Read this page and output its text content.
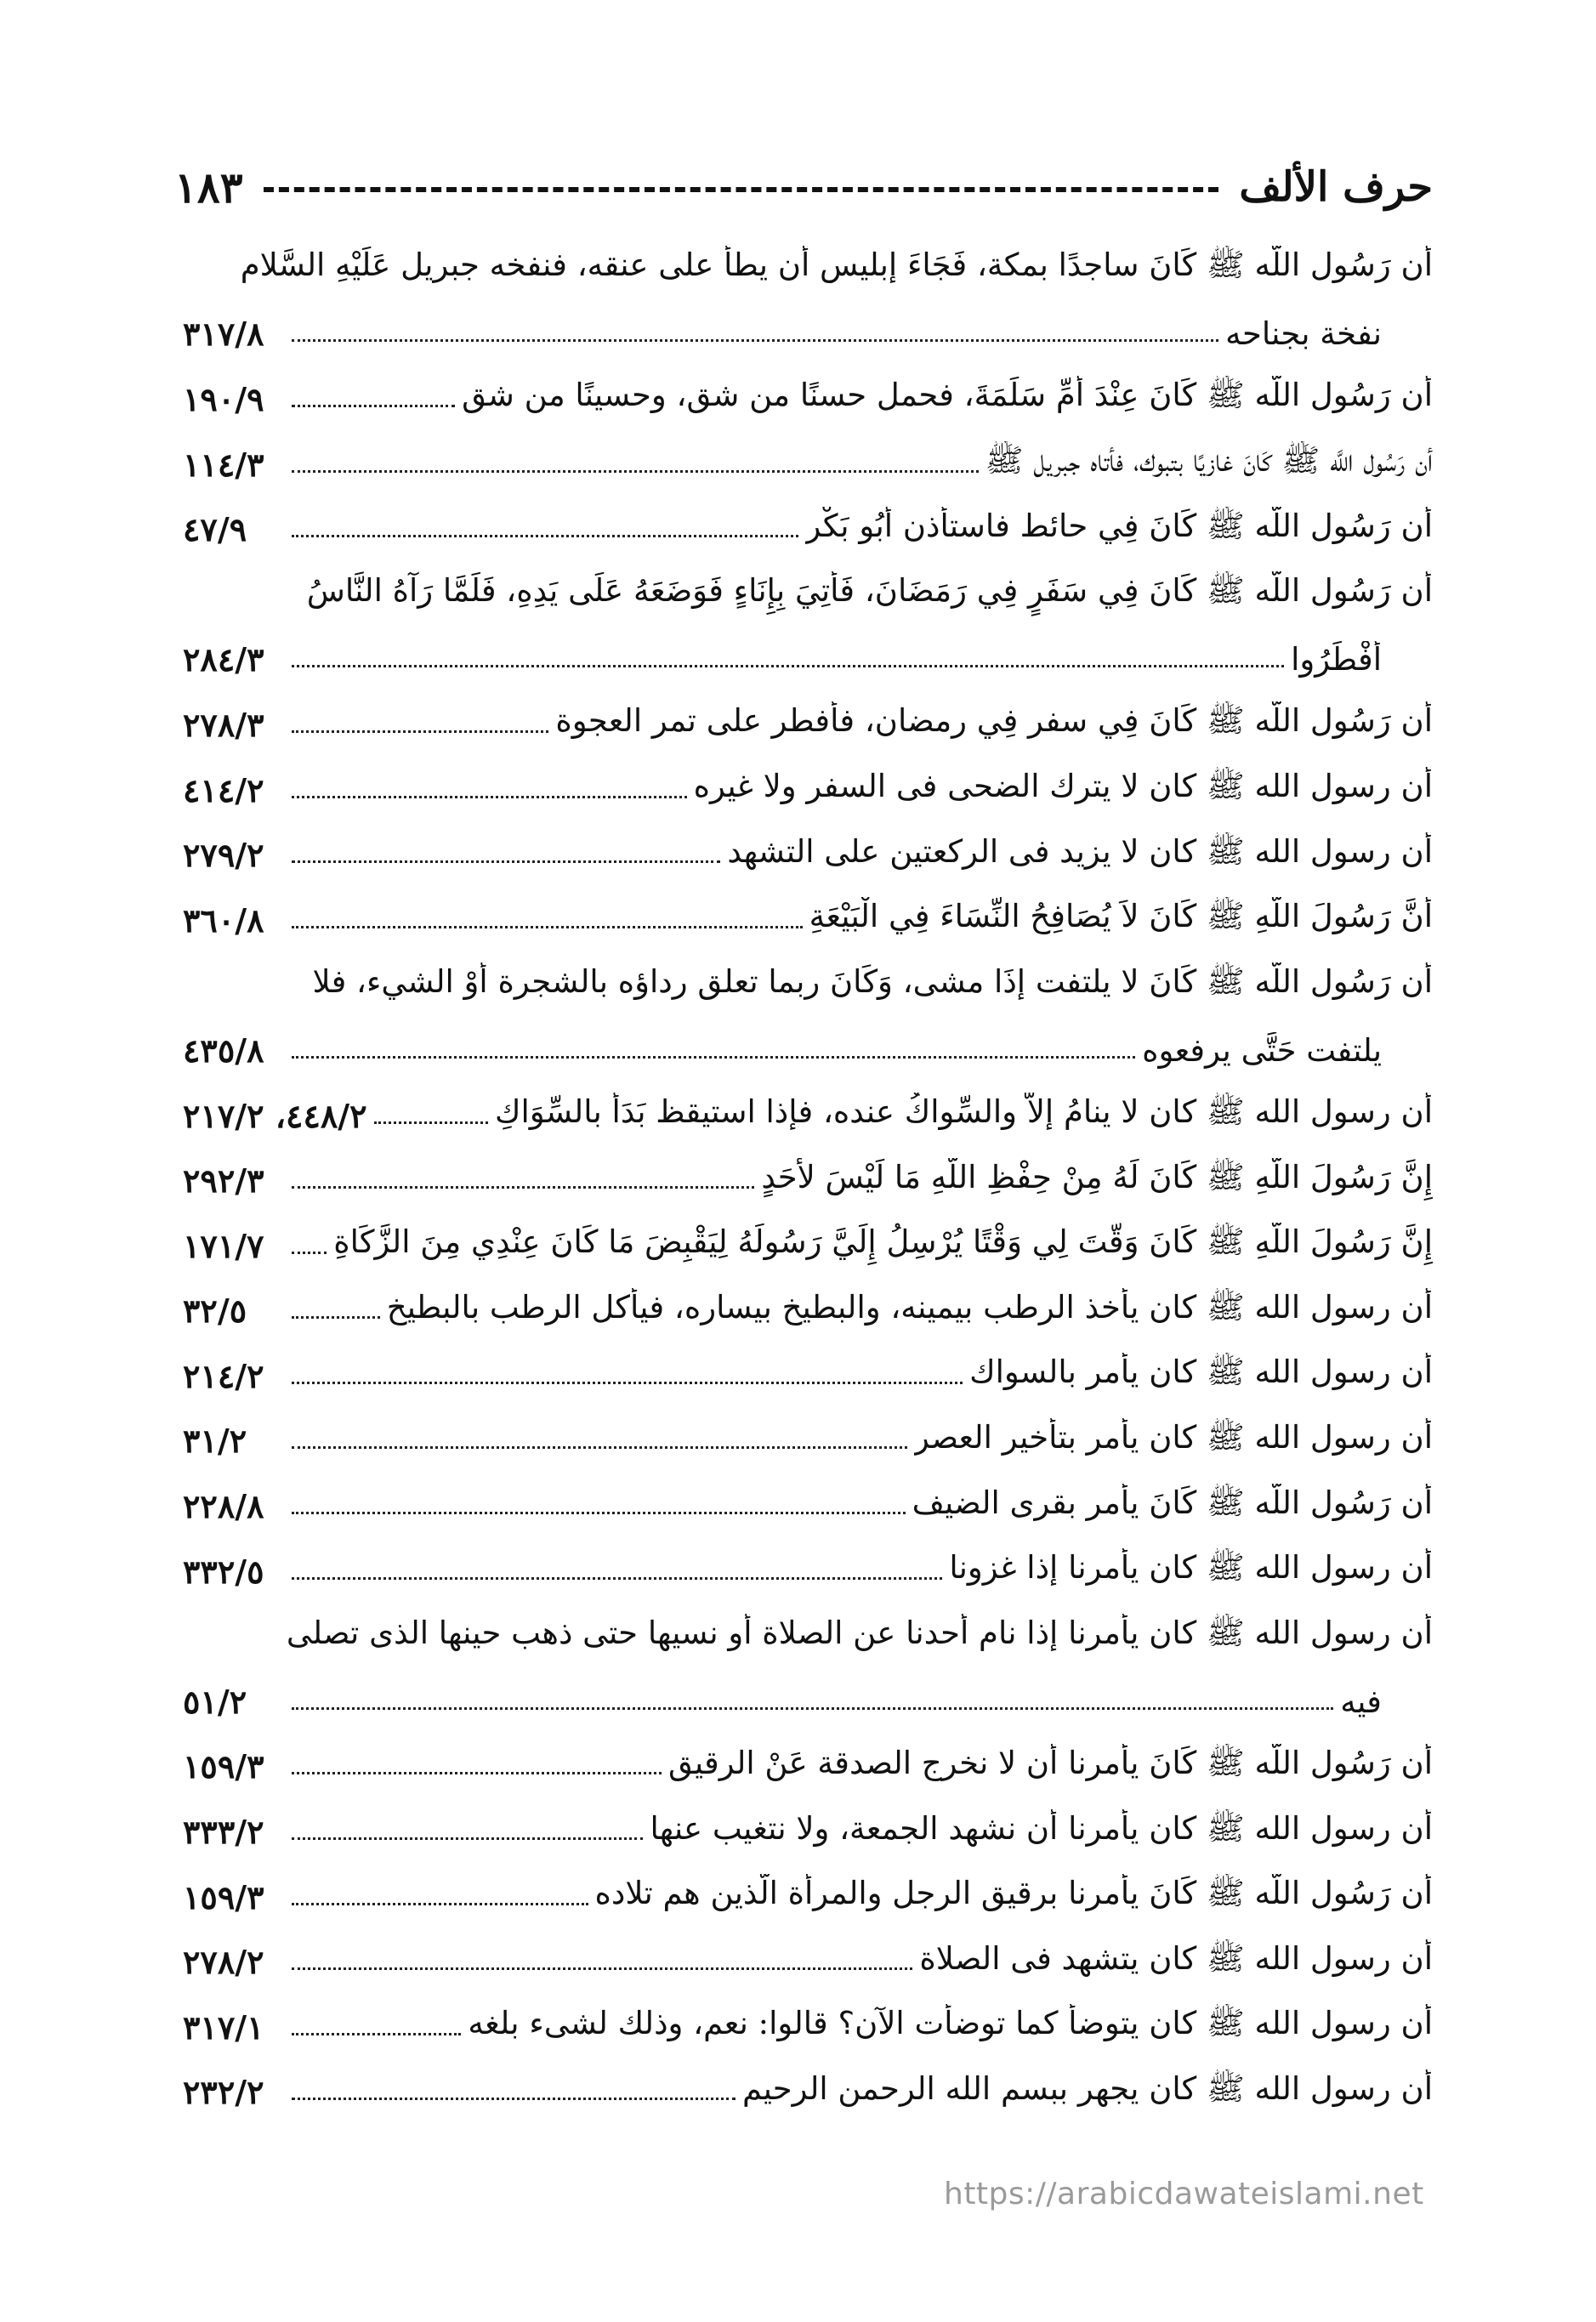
حرف الألف
١٨٣
أن رَسُول اللَّه ﷺ كَانَ ساجدًا بمكة، فَجَاءَ إبليس أن يطأ على عنقه، فنفخه جبريل عَلَيْهِ السَّلام
نفخة بجناحه
٣١٧/٨
أن رَسُول اللَّه ﷺ كَانَ عِنْدَ أُمِّ سَلَمَةَ، فحمل حسنًا من شق، وحسينًا من شق
١٩٠/٩
أن رَسُول اللَّه ﷺ كَانَ غازيًا بتبوك، فأتاه جبريل ﷺ
١١٤/٣
أن رَسُول اللَّه ﷺ كَانَ فِي حائط فاستأذن أَبُو بَكْر
٤٧/٩
أن رَسُول اللَّه ﷺ كَانَ فِي سَفَرٍ فِي رَمَضَانَ، فَأُتِيَ بِإِنَاءٍ فَوَضَعَهُ عَلَى يَدِهِ، فَلَمَّا رَآهُ النَّاسُ
أفْطَرُوا
٢٨٤/٣
أن رَسُول اللَّه ﷺ كَانَ فِي سفر فِي رمضان، فأفطر على تمر العجوة
٢٧٨/٣
أن رسول الله ﷺ كان لا يترك الضحى فى السفر ولا غيره
٤١٤/٢
أن رسول الله ﷺ كان لا يزيد فى الركعتين على التشهد
٢٧٩/٢
أَنَّ رَسُولَ اللَّهِ ﷺ كَانَ لاَ يُصَافِحُ النِّسَاءَ فِي الْبَيْعَةِ
٣٦٠/٨
أن رَسُول اللَّه ﷺ كَانَ لا يلتفت إذَا مشى، وَكَانَ ربما تعلق رداؤه بالشجرة أَوْ الشيء، فلا
يلتفت حَتَّى يرفعوه
٤٣٥/٨
أن رسول الله ﷺ كان لا ينامُ إلاَّ والسِّواكُ عنده، فإذا استيقظ بَدَأَ بالسِّوَاكِ
٤٤٨/٢، ٢١٧/٢
إِنَّ رَسُولَ اللَّهِ ﷺ كَانَ لَهُ مِنْ حِفْظِ اللَّهِ مَا لَيْسَ لأَحَدٍ
٢٩٢/٣
إِنَّ رَسُولَ اللَّهِ ﷺ كَانَ وَقَّتَ لِي وَقْتًا يُرْسِلُ إِلَيَّ رَسُولَهُ لِيَقْبِضَ مَا كَانَ عِنْدِي مِنَ الزَّكَاةِ
١٧١/٧
أن رسول الله ﷺ كان يأخذ الرطب بيمينه، والبطيخ بيساره، فيأكل الرطب بالبطيخ
٣٢/٥
أن رسول الله ﷺ كان يأمر بالسواك
٢١٤/٢
أن رسول الله ﷺ كان يأمر بتأخير العصر
٣١/٢
أن رَسُول اللَّه ﷺ كَانَ يأمر بقرى الضيف
٢٢٨/٨
أن رسول الله ﷺ كان يأمرنا إذا غزونا
٣٣٢/٥
أن رسول الله ﷺ كان يأمرنا إذا نام أحدنا عن الصلاة أو نسيها حتى ذهب حينها الذى تصلى
فيه
٥١/٢
أن رَسُول اللَّه ﷺ كَانَ يأمرنا أن لا نخرج الصدقة عَنْ الرقيق
١٥٩/٣
أن رسول الله ﷺ كان يأمرنا أن نشهد الجمعة، ولا نتغيب عنها
٣٣٣/٢
أن رَسُول اللَّه ﷺ كَانَ يأمرنا برقيق الرجل والمرأة الَّذين هم تلاده
١٥٩/٣
أن رسول الله ﷺ كان يتشهد فى الصلاة
٢٧٨/٢
أن رسول الله ﷺ كان يتوضأ كما توضأت الآن؟ قالوا: نعم، وذلك لشىء بلغه
٣١٧/١
أن رسول الله ﷺ كان يجهر ببسم الله الرحمن الرحيم
٢٣٢/٢
https://arabicdawateislami.net
